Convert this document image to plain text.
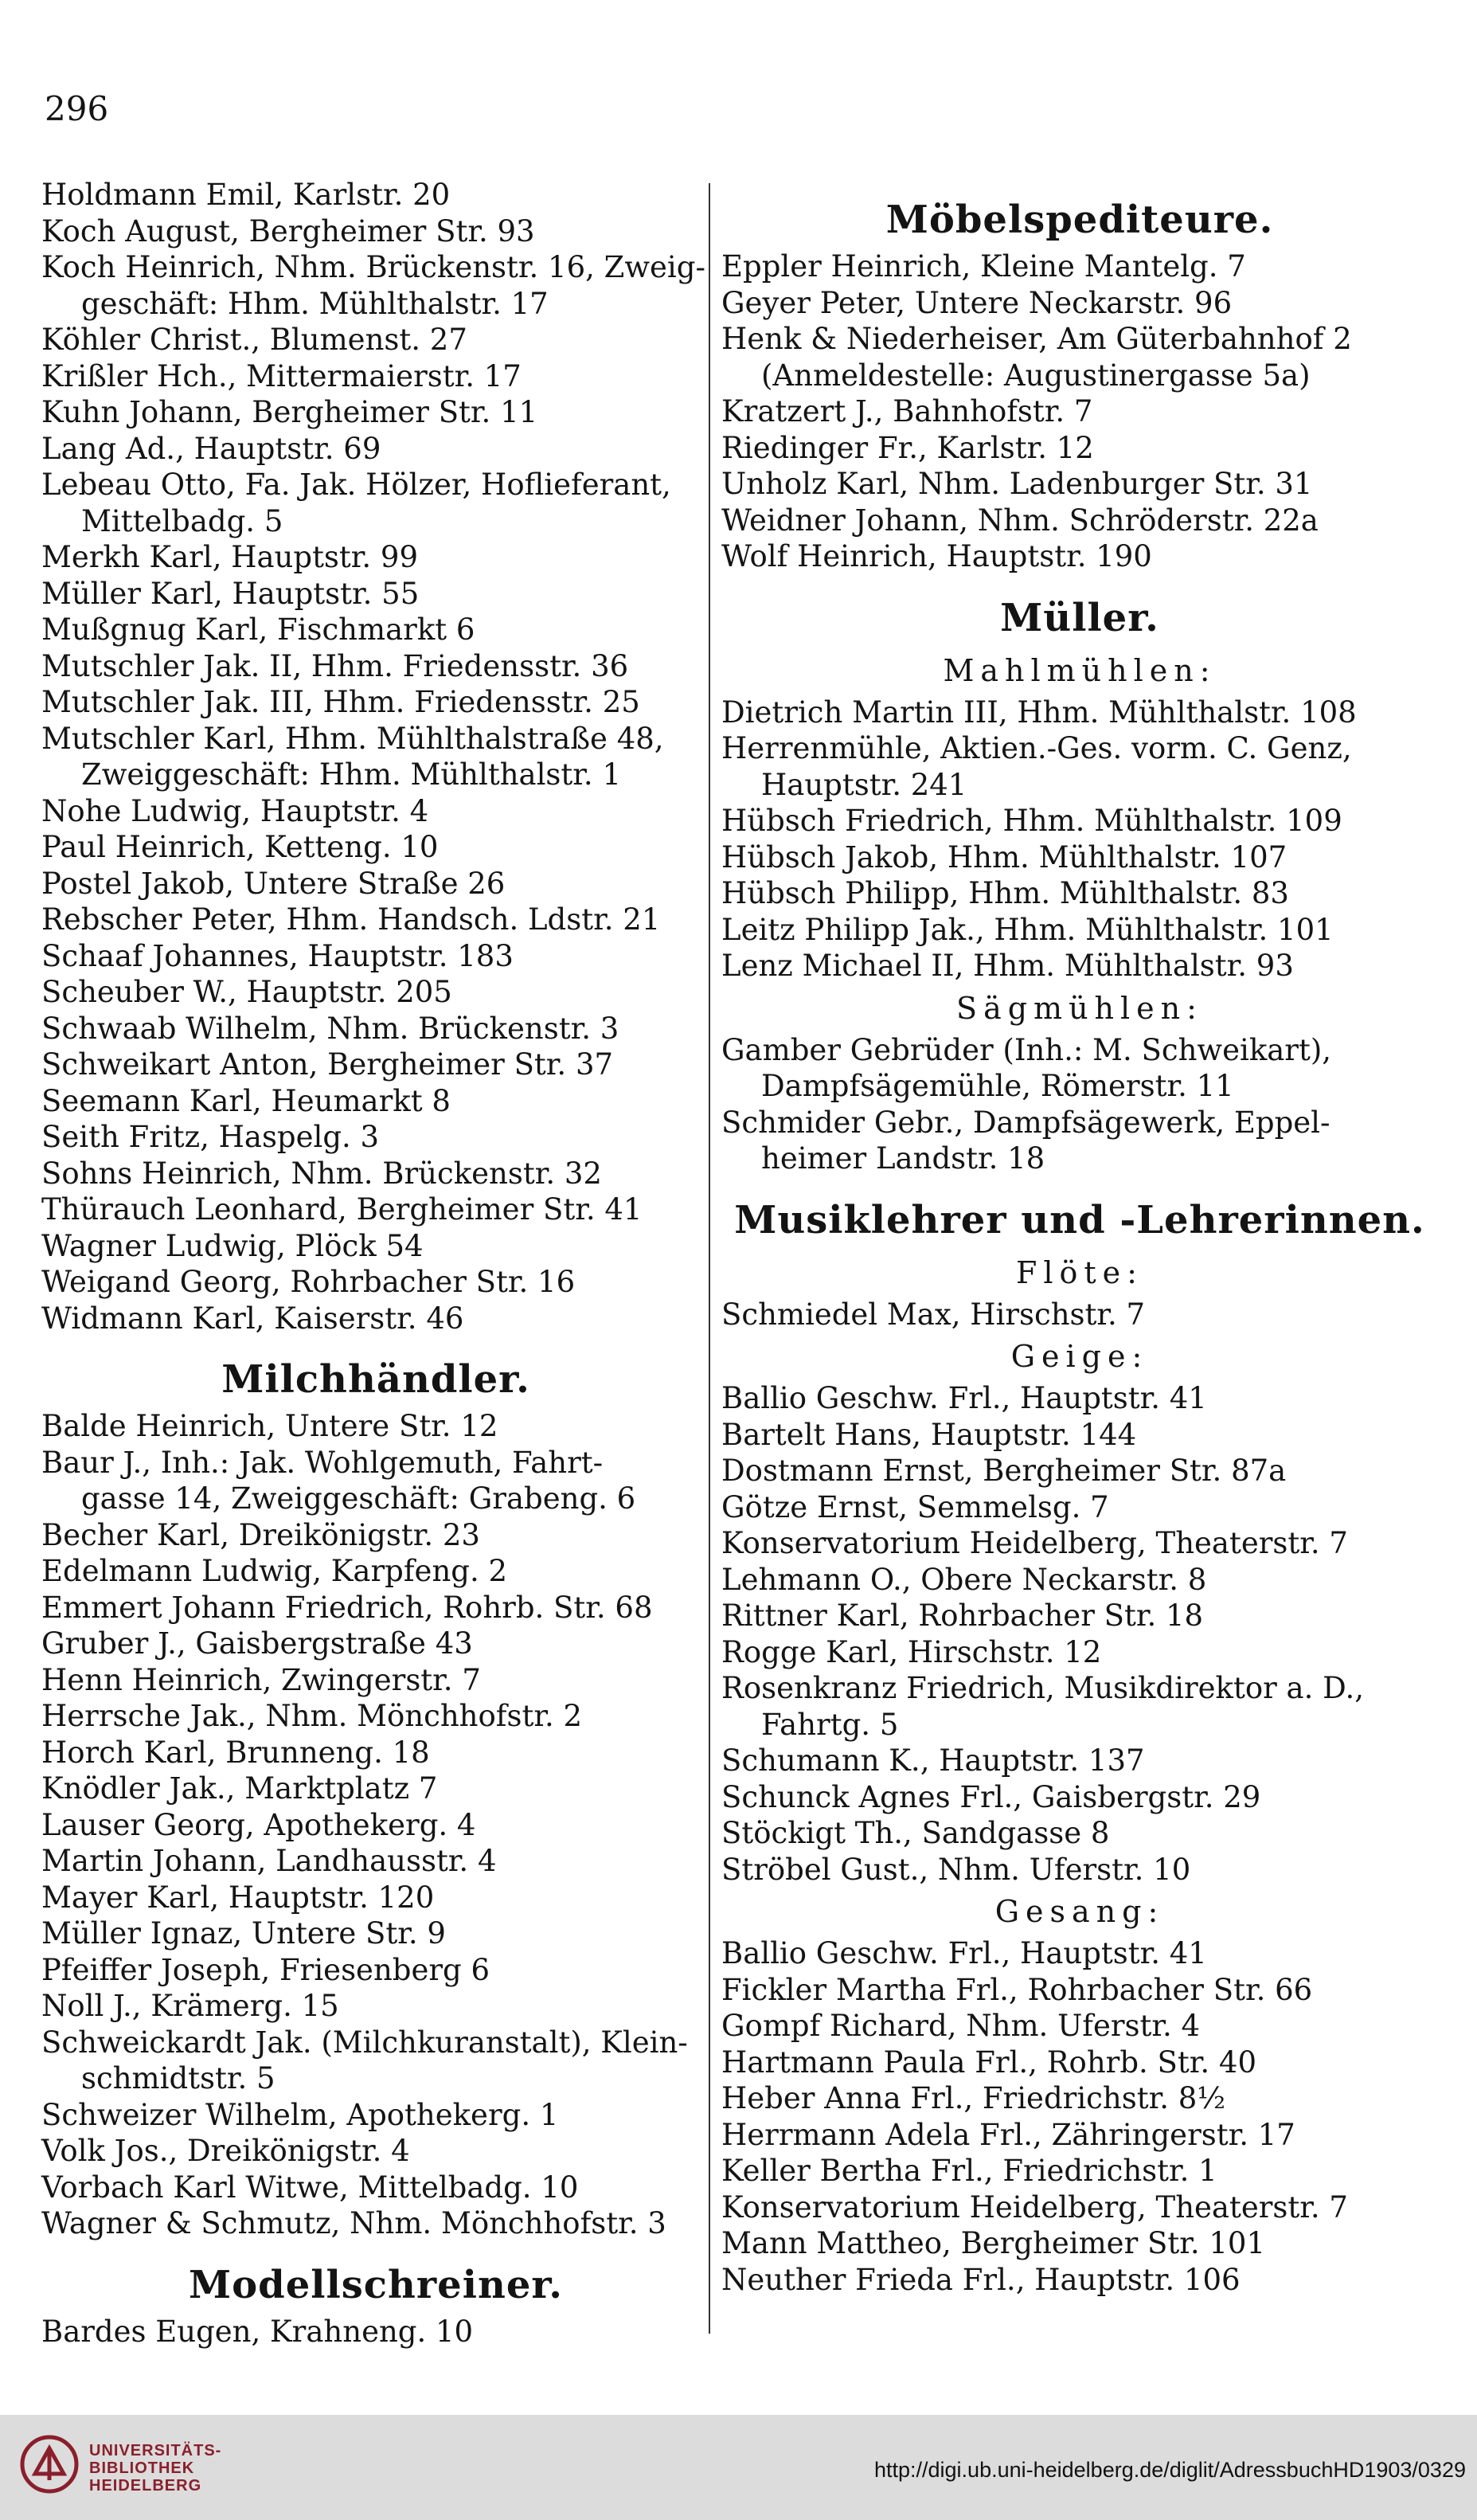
296
Holdmann Emil, Karlstr. 20
Koch August, Bergheimer Str. 93
Koch Heinrich, Nhm. Brückenstr. 16, Zweig-
geschäft: Hhm. Mühlthalstr. 17
Köhler Christ., Blumenst. 27
Krißler Hch., Mittermaierstr. 17
Kuhn Johann, Bergheimer Str. 11
Lang Ad., Hauptstr. 69
Lebeau Otto, Fa. Jak. Hölzer, Hoflieferant,
Mittelbadg. 5
Merkh Karl, Hauptstr. 99
Müller Karl, Hauptstr. 55
Mußgnug Karl, Fischmarkt 6
Mutschler Jak. II, Hhm. Friedensstr. 36
Mutschler Jak. III, Hhm. Friedensstr. 25
Mutschler Karl, Hhm. Mühlthalstraße 48,
Zweiggeschäft: Hhm. Mühlthalstr. 1
Nohe Ludwig, Hauptstr. 4
Paul Heinrich, Ketteng. 10
Postel Jakob, Untere Straße 26
Rebscher Peter, Hhm. Handsch. Ldstr. 21
Schaaf Johannes, Hauptstr. 183
Scheuber W., Hauptstr. 205
Schwaab Wilhelm, Nhm. Brückenstr. 3
Schweikart Anton, Bergheimer Str. 37
Seemann Karl, Heumarkt 8
Seith Fritz, Haspelg. 3
Sohns Heinrich, Nhm. Brückenstr. 32
Thürauch Leonhard, Bergheimer Str. 41
Wagner Ludwig, Plöck 54
Weigand Georg, Rohrbacher Str. 16
Widmann Karl, Kaiserstr. 46
Milchhändler.
Balde Heinrich, Untere Str. 12
Baur J., Inh.: Jak. Wohlgemuth, Fahrt-
gasse 14, Zweiggeschäft: Grabeng. 6
Becher Karl, Dreikönigstr. 23
Edelmann Ludwig, Karpfeng. 2
Emmert Johann Friedrich, Rohrb. Str. 68
Gruber J., Gaisbergstraße 43
Henn Heinrich, Zwingerstr. 7
Herrsche Jak., Nhm. Mönchhofstr. 2
Horch Karl, Brunneng. 18
Knödler Jak., Marktplatz 7
Lauser Georg, Apothekerg. 4
Martin Johann, Landhausstr. 4
Mayer Karl, Hauptstr. 120
Müller Ignaz, Untere Str. 9
Pfeiffer Joseph, Friesenberg 6
Noll J., Krämerg. 15
Schweickardt Jak. (Milchkuranstalt), Klein-
schmidtstr. 5
Schweizer Wilhelm, Apothekerg. 1
Volk Jos., Dreikönigstr. 4
Vorbach Karl Witwe, Mittelbadg. 10
Wagner & Schmutz, Nhm. Mönchhofstr. 3
Modellschreiner.
Bardes Eugen, Krahneng. 10
Möbelspediteure.
Eppler Heinrich, Kleine Mantelg. 7
Geyer Peter, Untere Neckarstr. 96
Henk & Niederheiser, Am Güterbahnhof 2
(Anmeldestelle: Augustinergasse 5a)
Kratzert J., Bahnhofstr. 7
Riedinger Fr., Karlstr. 12
Unholz Karl, Nhm. Ladenburger Str. 31
Weidner Johann, Nhm. Schröderstr. 22a
Wolf Heinrich, Hauptstr. 190
Müller.
Mahlmühlen:
Dietrich Martin III, Hhm. Mühlthalstr. 108
Herrenmühle, Aktien.-Ges. vorm. C. Genz,
Hauptstr. 241
Hübsch Friedrich, Hhm. Mühlthalstr. 109
Hübsch Jakob, Hhm. Mühlthalstr. 107
Hübsch Philipp, Hhm. Mühlthalstr. 83
Leitz Philipp Jak., Hhm. Mühlthalstr. 101
Lenz Michael II, Hhm. Mühlthalstr. 93
Sägmühlen:
Gamber Gebrüder (Inh.: M. Schweikart),
Dampfsägemühle, Römerstr. 11
Schmider Gebr., Dampfsägewerk, Eppel-
heimer Landstr. 18
Musiklehrer und -Lehrerinnen.
Flöte:
Schmiedel Max, Hirschstr. 7
Geige:
Ballio Geschw. Frl., Hauptstr. 41
Bartelt Hans, Hauptstr. 144
Dostmann Ernst, Bergheimer Str. 87a
Götze Ernst, Semmelsg. 7
Konservatorium Heidelberg, Theaterstr. 7
Lehmann O., Obere Neckarstr. 8
Rittner Karl, Rohrbacher Str. 18
Rogge Karl, Hirschstr. 12
Rosenkranz Friedrich, Musikdirektor a. D.,
Fahrtg. 5
Schumann K., Hauptstr. 137
Schunck Agnes Frl., Gaisbergstr. 29
Stöckigt Th., Sandgasse 8
Ströbel Gust., Nhm. Uferstr. 10
Gesang:
Ballio Geschw. Frl., Hauptstr. 41
Fickler Martha Frl., Rohrbacher Str. 66
Gompf Richard, Nhm. Uferstr. 4
Hartmann Paula Frl., Rohrb. Str. 40
Heber Anna Frl., Friedrichstr. 8½
Herrmann Adela Frl., Zähringerstr. 17
Keller Bertha Frl., Friedrichstr. 1
Konservatorium Heidelberg, Theaterstr. 7
Mann Mattheo, Bergheimer Str. 101
Neuther Frieda Frl., Hauptstr. 106
UNIVERSITÄTS-
BIBLIOTHEK
HEIDELBERG
http://digi.ub.uni-heidelberg.de/diglit/AdressbuchHD1903/0329
